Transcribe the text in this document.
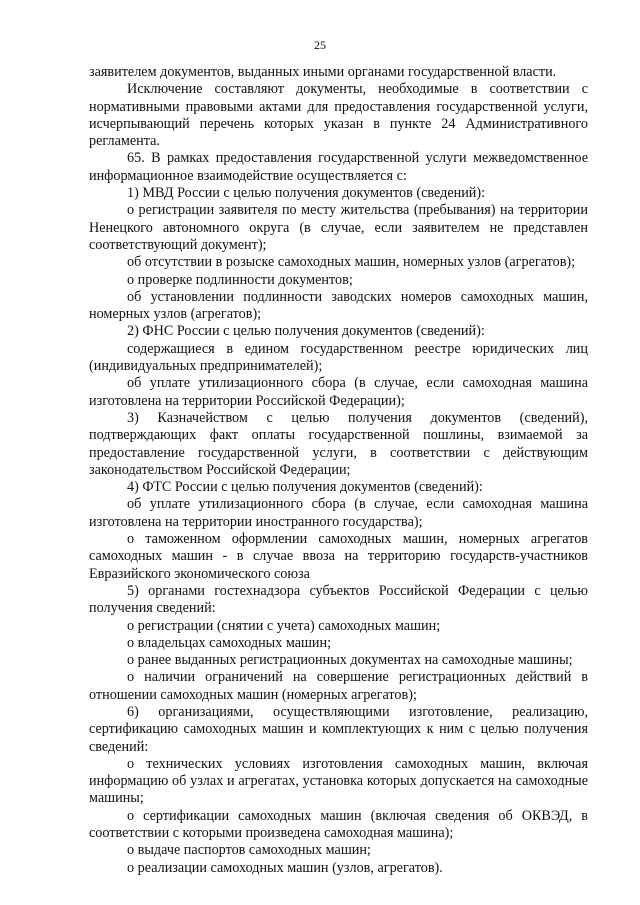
25

заявителем документов, выданных иными органами государственной власти.

Исключение составляют документы, необходимые в соответствии с нормативными правовыми актами для предоставления государственной услуги, исчерпывающий перечень которых указан в пункте 24 Административного регламента.

65. В рамках предоставления государственной услуги межведомственное информационное взаимодействие осуществляется с:

1) МВД России с целью получения документов (сведений):

о регистрации заявителя по месту жительства (пребывания) на территории Ненецкого автономного округа (в случае, если заявителем не представлен соответствующий документ);

об отсутствии в розыске самоходных машин, номерных узлов (агрегатов);

о проверке подлинности документов;

об установлении подлинности заводских номеров самоходных машин, номерных узлов (агрегатов);

2) ФНС России с целью получения документов (сведений):

содержащиеся в едином государственном реестре юридических лиц (индивидуальных предпринимателей);

об уплате утилизационного сбора (в случае, если самоходная машина изготовлена на территории Российской Федерации);

3) Казначейством с целью получения документов (сведений), подтверждающих факт оплаты государственной пошлины, взимаемой за предоставление государственной услуги, в соответствии с действующим законодательством Российской Федерации;

4) ФТС России с целью получения документов (сведений):

об уплате утилизационного сбора (в случае, если самоходная машина изготовлена на территории иностранного государства);

о таможенном оформлении самоходных машин, номерных агрегатов самоходных машин - в случае ввоза на территорию государств-участников Евразийского экономического союза

5) органами гостехнадзора субъектов Российской Федерации с целью получения сведений:

о регистрации (снятии с учета) самоходных машин;

о владельцах самоходных машин;

о ранее выданных регистрационных документах на самоходные машины;

о наличии ограничений на совершение регистрационных действий в отношении самоходных машин (номерных агрегатов);

6) организациями, осуществляющими изготовление, реализацию, сертификацию самоходных машин и комплектующих к ним с целью получения сведений:

о технических условиях изготовления самоходных машин, включая информацию об узлах и агрегатах, установка которых допускается на самоходные машины;

о сертификации самоходных машин (включая сведения об ОКВЭД, в соответствии с которыми произведена самоходная машина);

о выдаче паспортов самоходных машин;

о реализации самоходных машин (узлов, агрегатов).
